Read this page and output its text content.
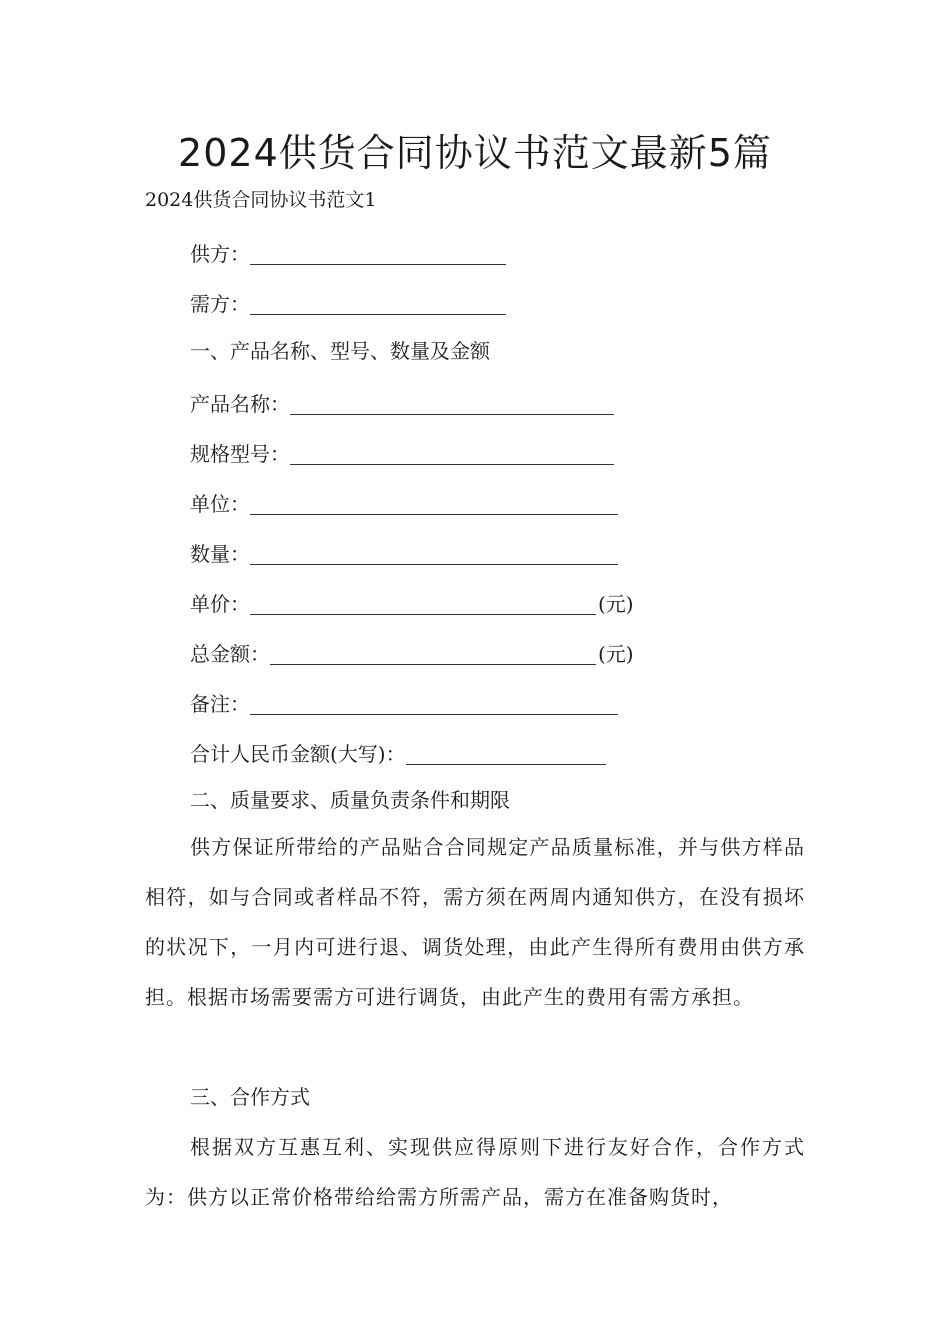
2024供货合同协议书范文最新5篇
2024供货合同协议书范文1
供方：
需方：
一、产品名称、型号、数量及金额
产品名称：
规格型号：
单位：
数量：
单价：	(元)
总金额：	(元)
备注：
合计人民币金额(大写)：
二、质量要求、质量负责条件和期限
供方保证所带给的产品贴合合同规定产品质量标准，并与供方样品相符，如与合同或者样品不符，需方须在两周内通知供方，在没有损坏的状况下，一月内可进行退、调货处理，由此产生得所有费用由供方承担。根据市场需要需方可进行调货，由此产生的费用有需方承担。
三、合作方式
根据双方互惠互利、实现供应得原则下进行友好合作，合作方式为：供方以正常价格带给给需方所需产品，需方在准备购货时，
